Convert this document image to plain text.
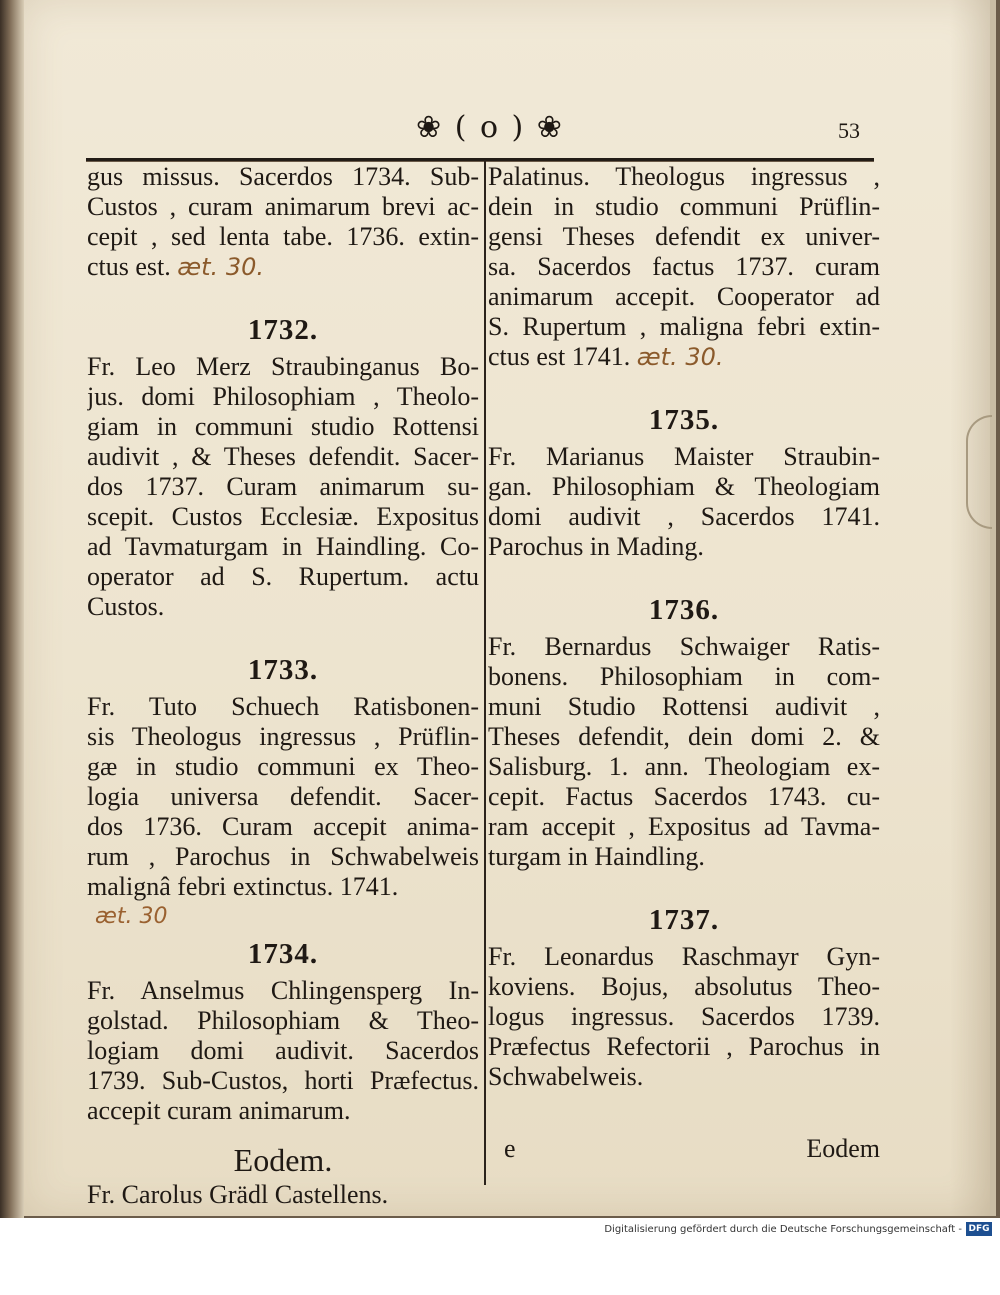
❀ ( o ) ❀	53
gus missus. Sacerdos 1734. Sub-
Custos , curam animarum brevi ac-
cepit , sed lenta tabe. 1736. extin-
ctus est. æt. 30.
1732.
Fr. Leo Merz Straubinganus Bo-
jus. domi Philosophiam , Theolo-
giam in communi studio Rottensi
audivit , & Theses defendit. Sacer-
dos 1737. Curam animarum su-
scepit. Custos Ecclesiæ. Expositus
ad Tavmaturgam in Haindling. Co-
operator ad S. Rupertum. actu
Custos.
1733.
Fr. Tuto Schuech Ratisbonen-
sis Theologus ingressus , Prüflin-
gæ in studio communi ex Theo-
logia universa defendit. Sacer-
dos 1736. Curam accepit anima-
rum , Parochus in Schwabelweis
malignâ febri extinctus. 1741.
æt. 30
1734.
Fr. Anselmus Chlingensperg In-
golstad. Philosophiam & Theo-
logiam domi audivit. Sacerdos
1739. Sub-Custos, horti Præfectus.
accepit curam animarum.
Eodem.
Fr. Carolus Grädl Castellens.
Palatinus. Theologus ingressus ,
dein in studio communi Prüflin-
gensi Theses defendit ex univer-
sa. Sacerdos factus 1737. curam
animarum accepit. Cooperator ad
S. Rupertum , maligna febri extin-
ctus est 1741. æt. 30.
1735.
Fr. Marianus Maister Straubin-
gan. Philosophiam & Theologiam
domi audivit , Sacerdos 1741.
Parochus in Mading.
1736.
Fr. Bernardus Schwaiger Ratis-
bonens. Philosophiam in com-
muni Studio Rottensi audivit ,
Theses defendit, dein domi 2. &
Salisburg. 1. ann. Theologiam ex-
cepit. Factus Sacerdos 1743. cu-
ram accepit , Expositus ad Tavma-
turgam in Haindling.
1737.
Fr. Leonardus Raschmayr Gyn-
koviens. Bojus, absolutus Theo-
logus ingressus. Sacerdos 1739.
Præfectus Refectorii , Parochus in
Schwabelweis.
e	Eodem
Digitalisierung gefördert durch die Deutsche Forschungsgemeinschaft - DFG
